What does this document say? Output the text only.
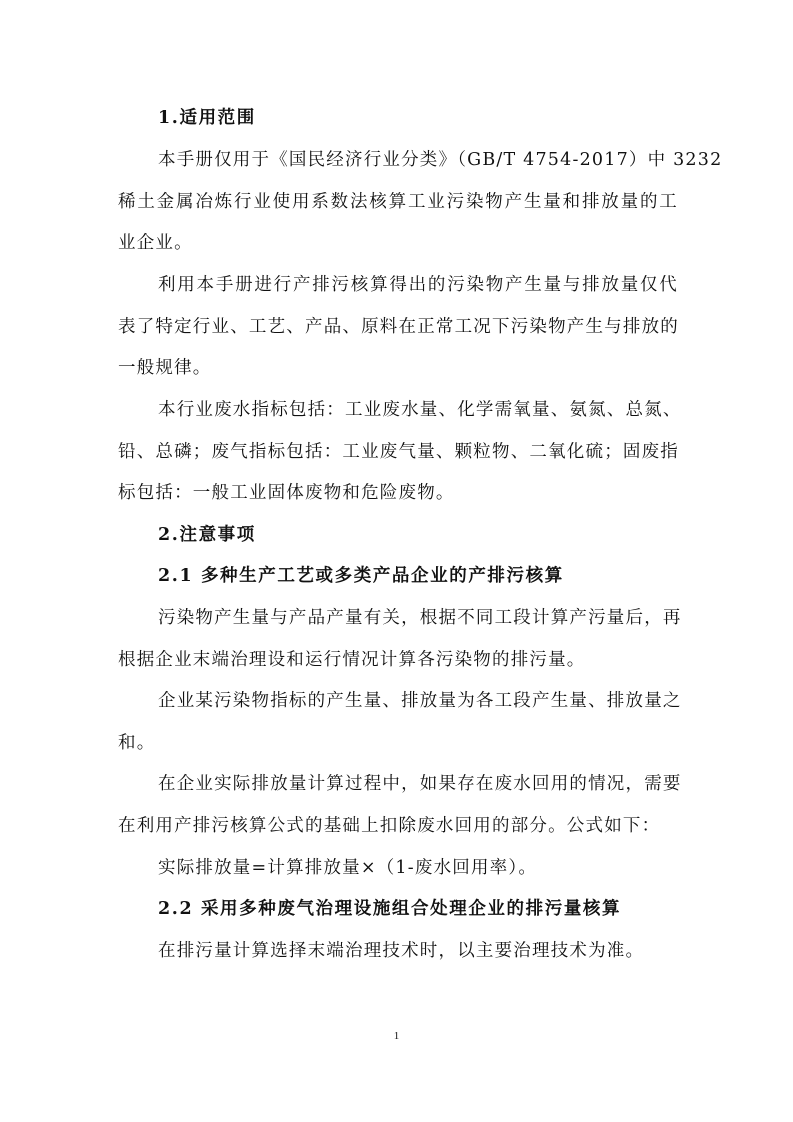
1.适用范围
本手册仅用于《国民经济行业分类》（GB/T 4754-2017）中 3232
稀土金属冶炼行业使用系数法核算工业污染物产生量和排放量的工
业企业。
利用本手册进行产排污核算得出的污染物产生量与排放量仅代
表了特定行业、工艺、产品、原料在正常工况下污染物产生与排放的
一般规律。
本行业废水指标包括：工业废水量、化学需氧量、氨氮、总氮、
铅、总磷；废气指标包括：工业废气量、颗粒物、二氧化硫；固废指
标包括：一般工业固体废物和危险废物。
2.注意事项
2.1 多种生产工艺或多类产品企业的产排污核算
污染物产生量与产品产量有关，根据不同工段计算产污量后，再
根据企业末端治理设和运行情况计算各污染物的排污量。
企业某污染物指标的产生量、排放量为各工段产生量、排放量之
和。
在企业实际排放量计算过程中，如果存在废水回用的情况，需要
在利用产排污核算公式的基础上扣除废水回用的部分。公式如下：
实际排放量=计算排放量×（1-废水回用率）。
2.2 采用多种废气治理设施组合处理企业的排污量核算
在排污量计算选择末端治理技术时，以主要治理技术为准。
1
